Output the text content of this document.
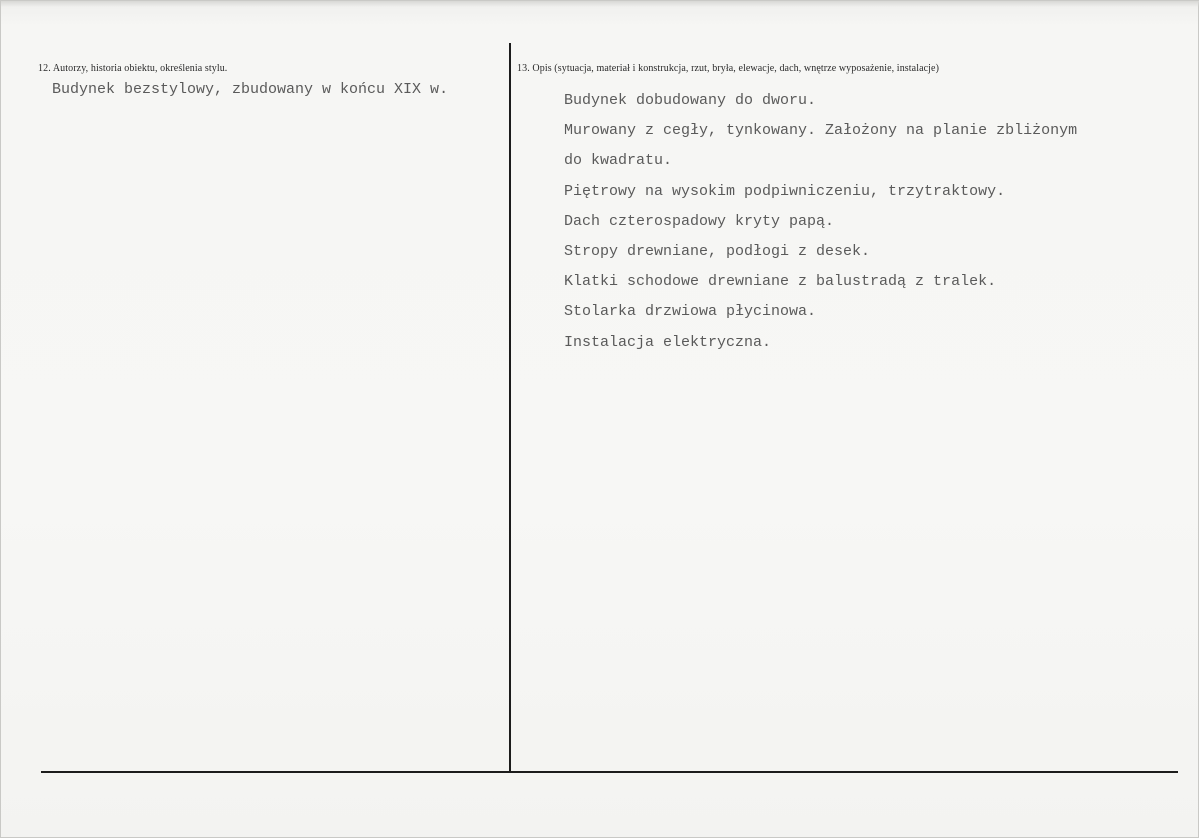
12. Autorzy, historia obiektu, określenia stylu.
Budynek bezstylowy, zbudowany w końcu XIX w.
13. Opis (sytuacja, materiał i konstrukcja, rzut, bryła, elewacje, dach, wnętrze wyposażenie, instalacje)
Budynek dobudowany do dworu.
Murowany z cegły, tynkowany. Założony na planie zbliżonym
do kwadratu.
Piętrowy na wysokim podpiwniczeniu, trzytraktowy.
Dach czterospadowy kryty papą.
Stropy drewniane, podłogi z desek.
Klatki schodowe drewniane z balustradą z tralek.
Stolarka drzwiowa płycinowa.
Instalacja elektryczna.
